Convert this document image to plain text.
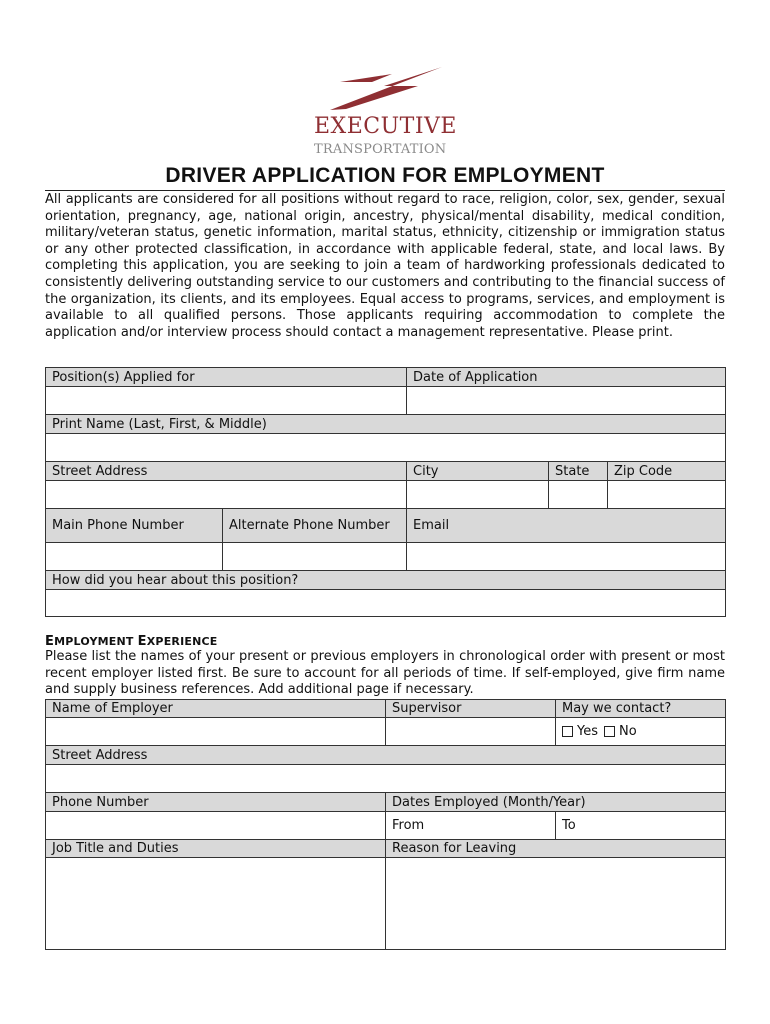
EXECUTIVE
TRANSPORTATION
DRIVER APPLICATION FOR EMPLOYMENT
All applicants are considered for all positions without regard to race, religion, color, sex, gender, sexual orientation, pregnancy, age, national origin, ancestry, physical/mental disability, medical condition, military/veteran status, genetic information, marital status, ethnicity, citizenship or immigration status or any other protected classification, in accordance with applicable federal, state, and local laws. By completing this application, you are seeking to join a team of hardworking professionals dedicated to consistently delivering outstanding service to our customers and contributing to the financial success of the organization, its clients, and its employees. Equal access to programs, services, and employment is available to all qualified persons. Those applicants requiring accommodation to complete the application and/or interview process should contact a management representative. Please print.
Position(s) Applied for	Date of Application
Print Name (Last, First, & Middle)
Street Address	City	State	Zip Code
Main Phone Number	Alternate Phone Number	Email
How did you hear about this position?
EMPLOYMENT EXPERIENCE
Please list the names of your present or previous employers in chronological order with present or most recent employer listed first. Be sure to account for all periods of time. If self-employed, give firm name and supply business references. Add additional page if necessary.
Name of Employer	Supervisor	May we contact?
Yes No
Street Address
Phone Number	Dates Employed (Month/Year)
From	To
Job Title and Duties	Reason for Leaving
